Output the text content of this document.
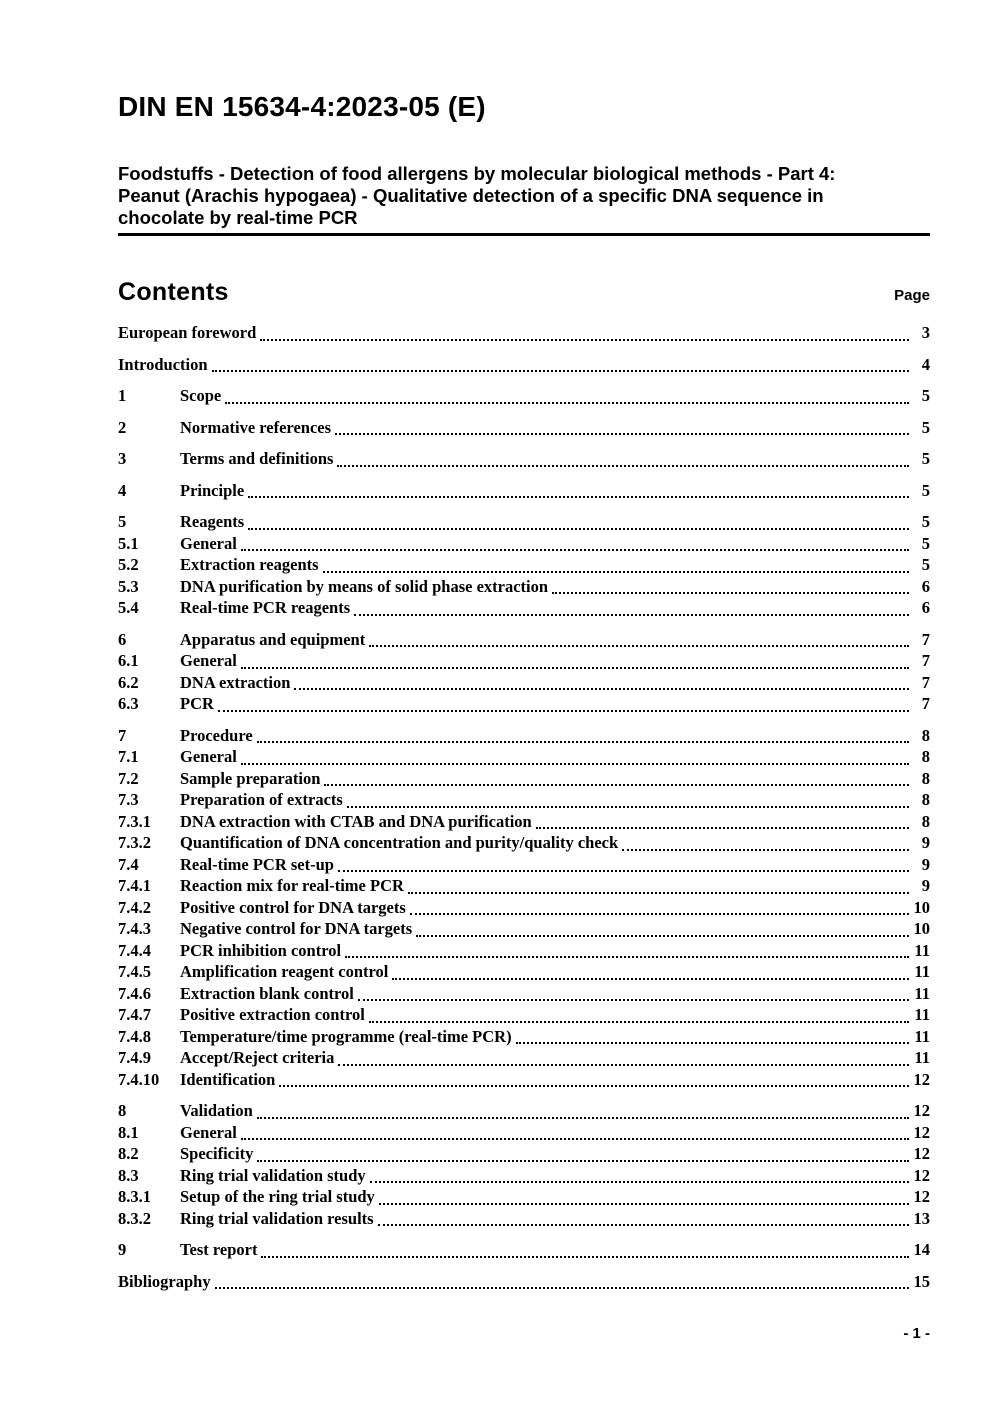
DIN EN 15634-4:2023-05 (E)
Foodstuffs - Detection of food allergens by molecular biological methods - Part 4:
Peanut (Arachis hypogaea) - Qualitative detection of a specific DNA sequence in
chocolate by real-time PCR
Contents	Page
European foreword	3
Introduction	4
1	Scope	5
2	Normative references	5
3	Terms and definitions	5
4	Principle	5
5	Reagents	5
5.1	General	5
5.2	Extraction reagents	5
5.3	DNA purification by means of solid phase extraction	6
5.4	Real-time PCR reagents	6
6	Apparatus and equipment	7
6.1	General	7
6.2	DNA extraction	7
6.3	PCR	7
7	Procedure	8
7.1	General	8
7.2	Sample preparation	8
7.3	Preparation of extracts	8
7.3.1	DNA extraction with CTAB and DNA purification	8
7.3.2	Quantification of DNA concentration and purity/quality check	9
7.4	Real-time PCR set-up	9
7.4.1	Reaction mix for real-time PCR	9
7.4.2	Positive control for DNA targets	10
7.4.3	Negative control for DNA targets	10
7.4.4	PCR inhibition control	11
7.4.5	Amplification reagent control	11
7.4.6	Extraction blank control	11
7.4.7	Positive extraction control	11
7.4.8	Temperature/time programme (real-time PCR)	11
7.4.9	Accept/Reject criteria	11
7.4.10	Identification	12
8	Validation	12
8.1	General	12
8.2	Specificity	12
8.3	Ring trial validation study	12
8.3.1	Setup of the ring trial study	12
8.3.2	Ring trial validation results	13
9	Test report	14
Bibliography	15
- 1 -
